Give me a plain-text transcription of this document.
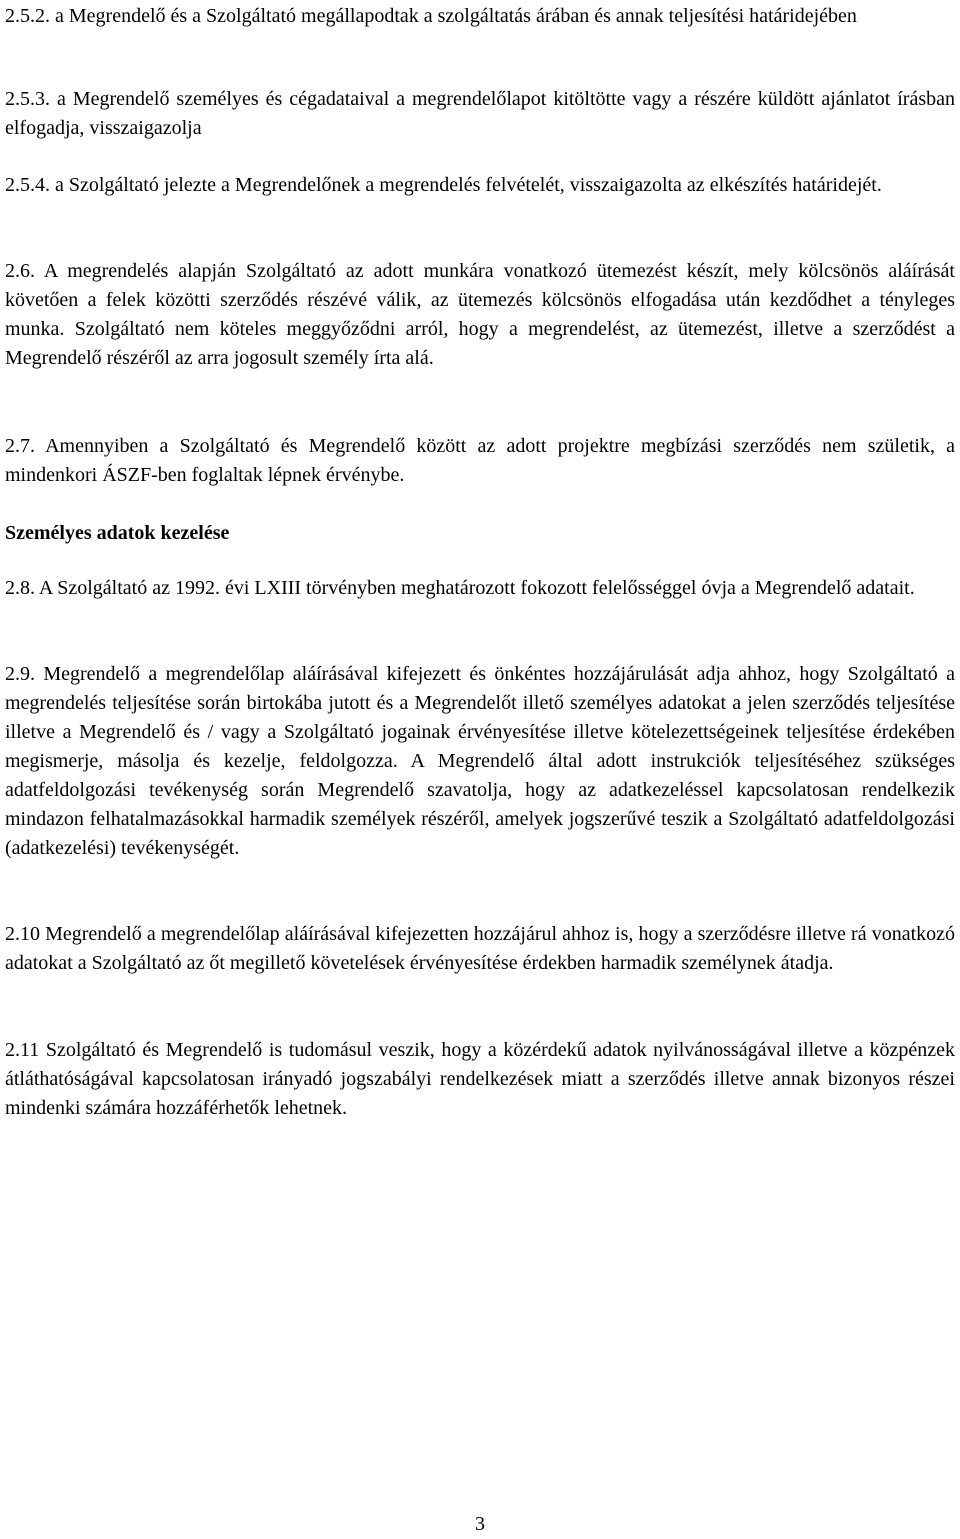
2.5.2. a Megrendelő és a Szolgáltató megállapodtak a szolgáltatás árában és annak teljesítési határidejében

2.5.3. a Megrendelő személyes és cégadataival a megrendelőlapot kitöltötte vagy a részére küldött ajánlatot írásban elfogadja, visszaigazolja

2.5.4. a Szolgáltató jelezte a Megrendelőnek a megrendelés felvételét, visszaigazolta az elkészítés határidejét.

2.6. A megrendelés alapján Szolgáltató az adott munkára vonatkozó ütemezést készít, mely kölcsönös aláírását követően a felek közötti szerződés részévé válik, az ütemezés kölcsönös elfogadása után kezdődhet a tényleges munka. Szolgáltató nem köteles meggyőződni arról, hogy a megrendelést, az ütemezést, illetve a szerződést a Megrendelő részéről az arra jogosult személy írta alá.

2.7. Amennyiben a Szolgáltató és Megrendelő között az adott projektre megbízási szerződés nem születik, a mindenkori ÁSZF-ben foglaltak lépnek érvénybe.

Személyes adatok kezelése

2.8. A Szolgáltató az 1992. évi LXIII törvényben meghatározott fokozott felelősséggel óvja a Megrendelő adatait.

2.9. Megrendelő a megrendelőlap aláírásával kifejezett és önkéntes hozzájárulását adja ahhoz, hogy Szolgáltató a megrendelés teljesítése során birtokába jutott és a Megrendelőt illető személyes adatokat a jelen szerződés teljesítése illetve a Megrendelő és / vagy a Szolgáltató jogainak érvényesítése illetve kötelezettségeinek teljesítése érdekében megismerje, másolja és kezelje, feldolgozza. A Megrendelő által adott instrukciók teljesítéséhez szükséges adatfeldolgozási tevékenység során Megrendelő szavatolja, hogy az adatkezeléssel kapcsolatosan rendelkezik mindazon felhatalmazásokkal harmadik személyek részéről, amelyek jogszerűvé teszik a Szolgáltató adatfeldolgozási (adatkezelési) tevékenységét.

2.10 Megrendelő a megrendelőlap aláírásával kifejezetten hozzájárul ahhoz is, hogy a szerződésre illetve rá vonatkozó adatokat a Szolgáltató az őt megillető követelések érvényesítése érdekben harmadik személynek átadja.

2.11 Szolgáltató és Megrendelő is tudomásul veszik, hogy a közérdekű adatok nyilvánosságával illetve a közpénzek átláthatóságával kapcsolatosan irányadó jogszabályi rendelkezések miatt a szerződés illetve annak bizonyos részei mindenki számára hozzáférhetők lehetnek.

3
